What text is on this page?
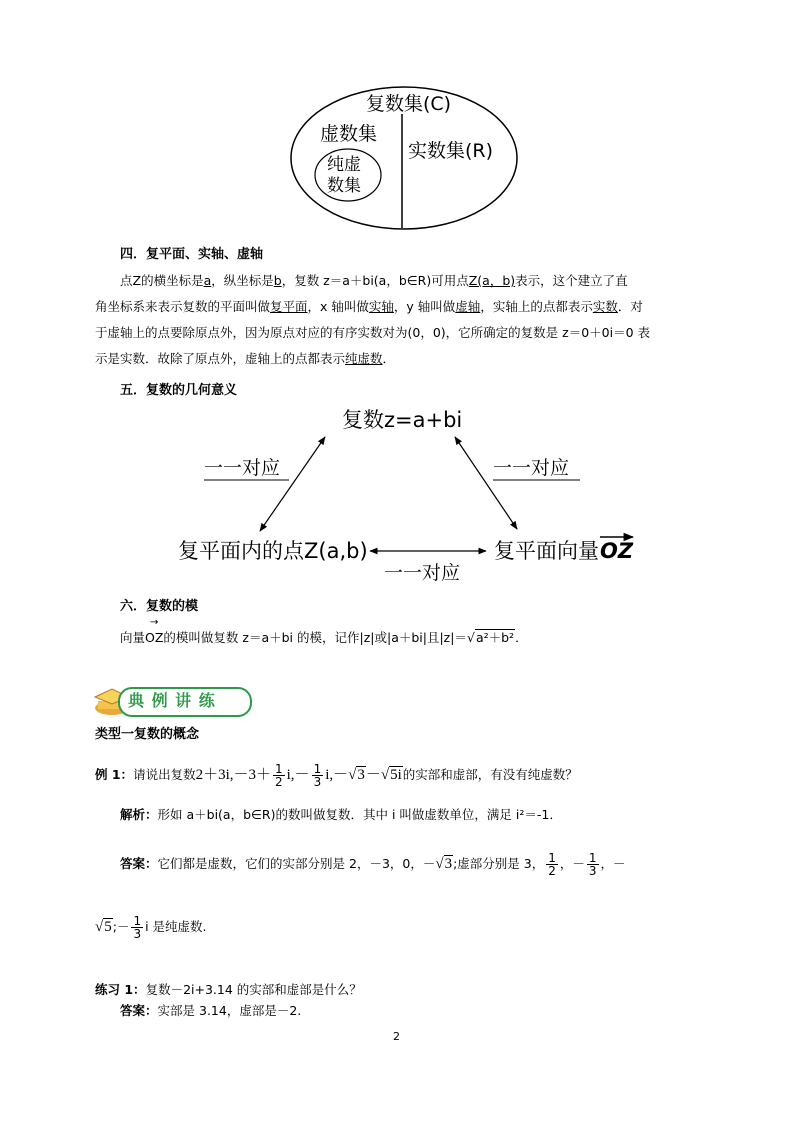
复数集(C)
虚数集
纯虚
数集
实数集(R)
四．复平面、实轴、虚轴
点Z的横坐标是a，纵坐标是b，复数 z＝a＋bi(a，b∈R)可用点Z(a，b)表示，这个建立了直
角坐标系来表示复数的平面叫做复平面，x 轴叫做实轴，y 轴叫做虚轴，实轴上的点都表示实数．对
于虚轴上的点要除原点外，因为原点对应的有序实数对为(0，0)，它所确定的复数是 z＝0＋0i＝0 表
示是实数．故除了原点外，虚轴上的点都表示纯虚数．
五．复数的几何意义
复数z=a+bi
一一对应	一一对应
复平面内的点Z(a,b)	复平面向量 OZ
一一对应
六．复数的模
向量
→
OZ的模叫做复数 z＝a＋bi 的模，记作|z|或|a＋bi|且|z|＝√a²＋b²．
典 例 讲 练
类型一复数的概念
例 1：请说出复数$2+3i,-3+ \frac{1}{2} i,- \frac{1}{3} i,-√3-√5i$的实部和虚部，有没有纯虚数？
解析：形如 a＋bi(a，b∈R)的数叫做复数．其中 i 叫做虚数单位，满足 i²＝-1．
答案：它们都是虚数，它们的实部分别是 2，－3，0，－√3;虚部分别是 3， $\frac{1}{2}$ ，－ $\frac{1}{3}$ ，－
√5;－ $\frac{1}{3}$ i 是纯虚数.
练习 1：复数－2i+3.14 的实部和虚部是什么？
答案：实部是 3.14，虚部是－2.
2
